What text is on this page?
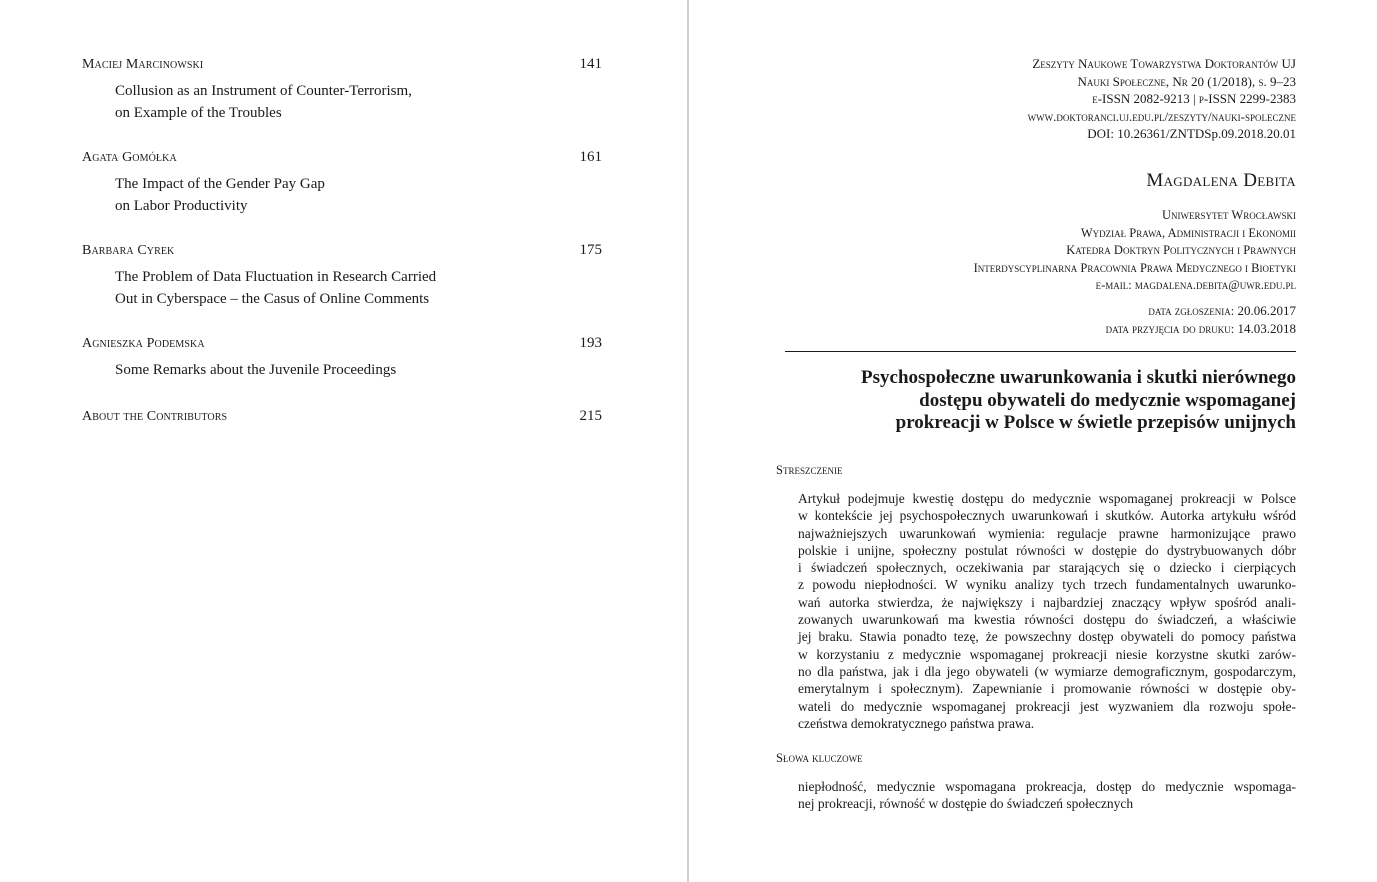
Maciej Marcinowski	141
Collusion as an Instrument of Counter-Terrorism,
on Example of the Troubles
Agata Gomółka	161
The Impact of the Gender Pay Gap
on Labor Productivity
Barbara Cyrek	175
The Problem of Data Fluctuation in Research Carried
Out in Cyberspace – the Casus of Online Comments
Agnieszka Podemska	193
Some Remarks about the Juvenile Proceedings
About the Contributors	215
Zeszyty Naukowe Towarzystwa Doktorantów UJ
Nauki Społeczne, Nr 20 (1/2018), s. 9–23
e-ISSN 2082-9213 | p-ISSN 2299-2383
www.doktoranci.uj.edu.pl/zeszyty/nauki-spoleczne
DOI: 10.26361/ZNTDSp.09.2018.20.01
Magdalena Debita
Uniwersytet Wrocławski
Wydział Prawa, Administracji i Ekonomii
Katedra Doktryn Politycznych i Prawnych
Interdyscyplinarna Pracownia Prawa Medycznego i Bioetyki
e-mail: magdalena.debita@uwr.edu.pl
data zgłoszenia: 20.06.2017
data przyjęcia do druku: 14.03.2018
Psychospołeczne uwarunkowania i skutki nierównego
dostępu obywateli do medycznie wspomaganej
prokreacji w Polsce w świetle przepisów unijnych
Streszczenie
Artykuł podejmuje kwestię dostępu do medycznie wspomaganej prokreacji w Polsce
w kontekście jej psychospołecznych uwarunkowań i skutków. Autorka artykułu wśród
najważniejszych uwarunkowań wymienia: regulacje prawne harmonizujące prawo
polskie i unijne, społeczny postulat równości w dostępie do dystrybuowanych dóbr
i świadczeń społecznych, oczekiwania par starających się o dziecko i cierpiących
z powodu niepłodności. W wyniku analizy tych trzech fundamentalnych uwarunko-
wań autorka stwierdza, że największy i najbardziej znaczący wpływ spośród anali-
zowanych uwarunkowań ma kwestia równości dostępu do świadczeń, a właściwie
jej braku. Stawia ponadto tezę, że powszechny dostęp obywateli do pomocy państwa
w korzystaniu z medycznie wspomaganej prokreacji niesie korzystne skutki zarów-
no dla państwa, jak i dla jego obywateli (w wymiarze demograficznym, gospodarczym,
emerytalnym i społecznym). Zapewnianie i promowanie równości w dostępie oby-
wateli do medycznie wspomaganej prokreacji jest wyzwaniem dla rozwoju społe-
czeństwa demokratycznego państwa prawa.
Słowa kluczowe
niepłodność, medycznie wspomagana prokreacja, dostęp do medycznie wspomaga-
nej prokreacji, równość w dostępie do świadczeń społecznych
